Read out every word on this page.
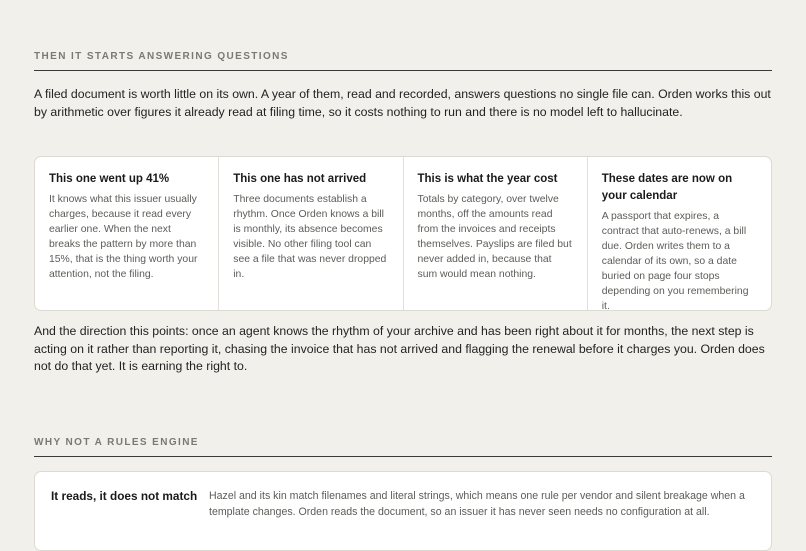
THEN IT STARTS ANSWERING QUESTIONS

A filed document is worth little on its own. A year of them, read and recorded, answers questions no single file can. Orden works this out by arithmetic over figures it already read at filing time, so it costs nothing to run and there is no model left to hallucinate.

This one went up 41%

It knows what this issuer usually charges, because it read every earlier one. When the next breaks the pattern by more than 15%, that is the thing worth your attention, not the filing.

This one has not arrived

Three documents establish a rhythm. Once Orden knows a bill is monthly, its absence becomes visible. No other filing tool can see a file that was never dropped in.

This is what the year cost

Totals by category, over twelve months, off the amounts read from the invoices and receipts themselves. Payslips are filed but never added in, because that sum would mean nothing.

These dates are now on your calendar

A passport that expires, a contract that auto-renews, a bill due. Orden writes them to a calendar of its own, so a date buried on page four stops depending on you remembering it.

And the direction this points: once an agent knows the rhythm of your archive and has been right about it for months, the next step is acting on it rather than reporting it, chasing the invoice that has not arrived and flagging the renewal before it charges you. Orden does not do that yet. It is earning the right to.

WHY NOT A RULES ENGINE
It reads, it does not match Hazel and its kin match filenames and literal strings, which means one rule per vendor and silent breakage when a template changes. Orden reads the document, so an issuer it has never seen needs no configuration at all.
